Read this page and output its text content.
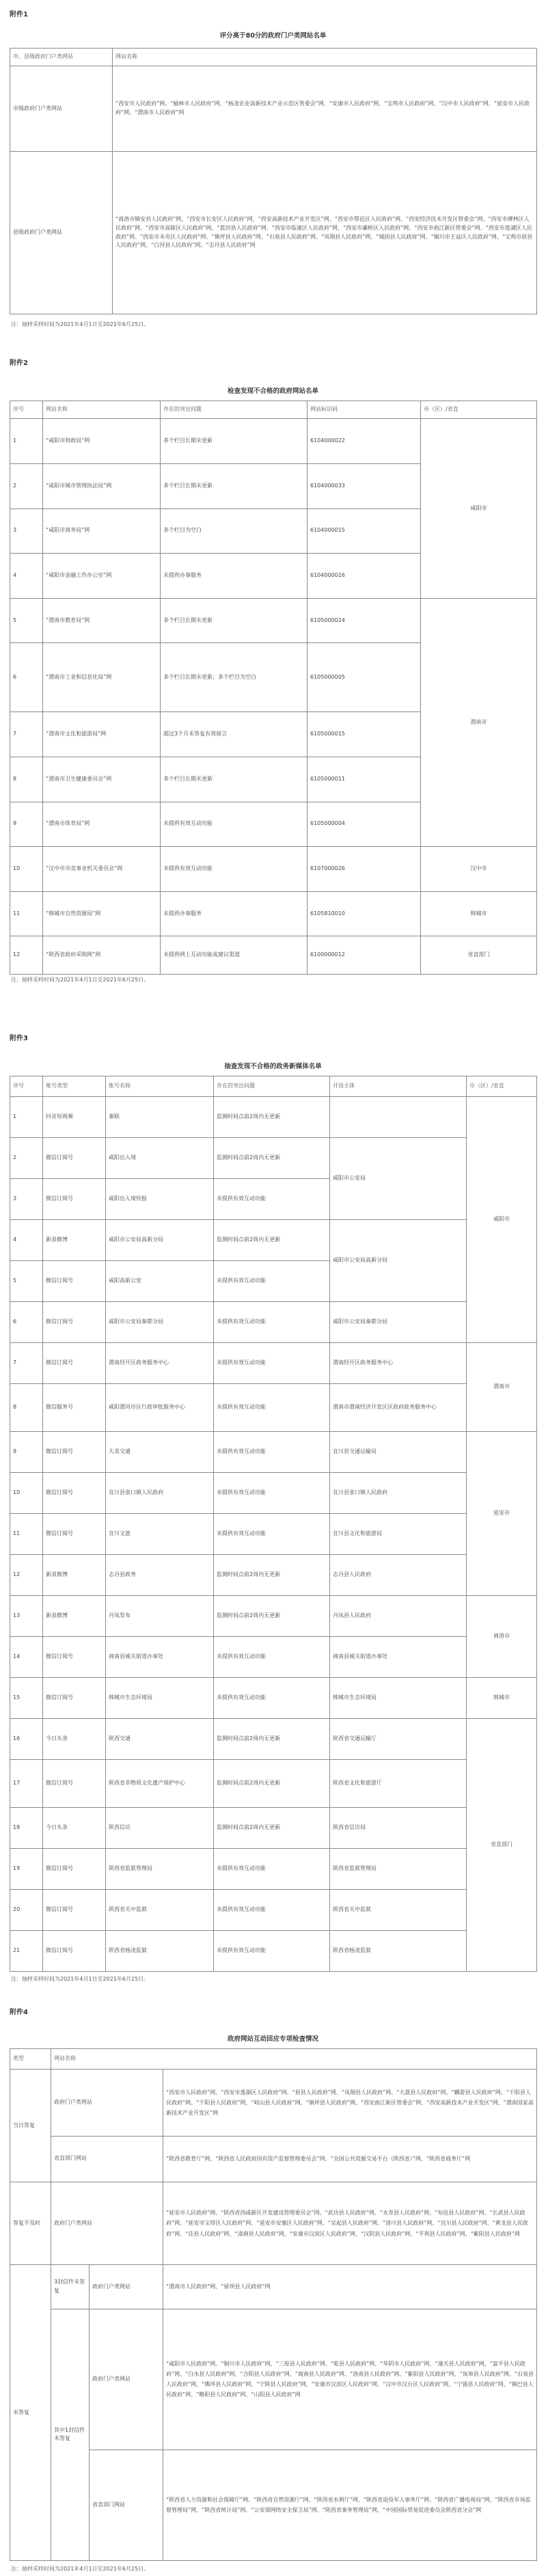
附件1
评分高于80分的政府门户类网站名单
市、县级政府门户类网站	网站名称
市级政府门户类网站	“西安市人民政府”网、“榆林市人民政府”网、“杨凌农业高新技术产业示范区管委会”网、“安康市人民政府”网、“宝鸡市人民政府”网、“汉中市人民政府”网、“延安市人民政府”网、“渭南市人民政府”网
县级政府门户类网站	“商洛市镇安县人民政府”网、“西安市长安区人民政府”网、“西安高新技术产业开发区”网、“西安市鄠邑区人民政府”网、“西安经济技术开发区管委会”网、“西安市碑林区人民政府”网、“西安市高陵区人民政府”网、“蓝田县人民政府”网、“西安市临潼区人民政府”网、“西安市灞桥区人民政府”网、“西安市曲江新区管委会”网、“西安市莲湖区人民政府”网、“西安市未央区人民政府”网、“镇坪县人民政府”网、“石泉县人民政府”网、“凤翔县人民政府”网、“城固县人民政府”网、“铜川市王益区人民政府”网、“宝鸡市眉县人民政府”网、“白河县人民政府”网、“志丹县人民政府”网
注：抽样采样时间为2021年4月1日至2021年6月25日。
附件2
检查发现不合格的政府网站名单
序号	网站名称	存在的突出问题	网站标识码	市（区）/省直
1	“咸阳市财政局”网	多个栏目长期未更新	6104000022	咸阳市
2	“咸阳市城市管理执法局”网	多个栏目长期未更新	6104000033	
3	“咸阳市商务局”网	多个栏目为空白	6104000015	
4	“咸阳市金融工作办公室”网	未提供办事服务	6104000016	
5	“渭南市教育局”网	多个栏目长期未更新	6105000024	渭南市
6	“渭南市工业和信息化局”网	多个栏目长期未更新；多个栏目为空白	6105000005	
7	“渭南市文化和旅游局”网	超过3个月未答复有效留言	6105000015	
8	“渭南市卫生健康委员会”网	多个栏目长期未更新	6105000011	
9	“渭南市体育局”网	未提供有效互动功能	6105000004	
10	“汉中市市直事业机关委员会”网	未提供有效互动功能	6107000026	汉中市
11	“韩城市自然资源局”网	未提供办事服务	6105810010	韩城市
12	“陕西省政府采购网”网	未提供网上互动功能或建议渠道	6100000012	省直部门
注：抽样采样时间为2021年4月1日至2021年6月25日。
附件3
抽查发现不合格的政务新媒体名单
序号	账号类型	账号名称	存在的突出问题	开设主体	市（区）/省直
1	抖音短视频	秦联	监测时间点前2周内无更新		咸阳市
2	微信订阅号	咸阳出入境	监测时间点前2周内无更新	咸阳市公安局	
3	微信订阅号	咸阳出入境快报	未提供有效互动功能		
4	新浪微博	咸阳市公安局高新分局	监测时间点前2周内无更新	咸阳市公安局高新分局	
5	微信订阅号	咸阳高新公安	未提供有效互动功能		
6	微信订阅号	咸阳市公安局秦都分局	未提供有效互动功能	咸阳市公安局秦都分局	
7	微信订阅号	渭南经开区政务服务中心	未提供有效互动功能	渭南经开区政务服务中心	渭南市
8	微信服务号	咸阳渭河市区行政审批服务中心	未提供有效互动功能	渭南市渭南经济开发区区政府政务服务中心	
9	微信订阅号	大美交通	未提供有效互动功能	宜川县交通运输局	延安市
10	微信订阅号	宜川县壶口镇人民政府	未提供有效互动功能	宜川县壶口镇人民政府	
11	微信订阅号	宜川文旅	未提供有效互动功能	宜川县文化和旅游局	
12	新浪微博	志丹县政务	监测时间点前2周内无更新	志丹县人民政府	
13	新浪微博	丹凤发布	监测时间点前2周内无更新	丹凤县人民政府	商洛市
14	微信订阅号	商南县城关街道办事处	未提供有效互动功能	商南县城关街道办事处	
15	微信订阅号	韩城市生态环境局	未提供有效互动功能	韩城市生态环境局	韩城市
16	今日头条	陕西交通	监测时间点前2周内无更新	陕西省交通运输厅	省直部门
17	微信订阅号	陕西省非物质文化遗产保护中心	监测时间点前2周内无更新	陕西省文化和旅游厅	
18	今日头条	陕西信访	监测时间点前2周内无更新	陕西省信访局	
19	微信订阅号	陕西省监狱管理局	未提供有效互动功能	陕西省监狱管理局	
20	微信订阅号	陕西省关中监狱	未提供有效互动功能	陕西省关中监狱	
21	微信订阅号	陕西省杨凌监狱	未提供有效互动功能	陕西省杨凌监狱	
注：抽样采样时间为2021年4月1日至2021年6月25日。
附件4
政府网站互动回应专项检查情况
类型	网站名称		
当日答复	政府门户类网站		“西安市人民政府”网、“西安市莲湖区人民政府”网、“眉县人民政府”网、“凤翔县人民政府”网、“大荔县人民政府”网、“麟游县人民政府”网、“千阳县人民政府”网、“千阳县人民政府”网、“岐山县人民政府”网、“镇坪县人民政府”网、“西安曲江新区管委会”网、“西安高新技术产业开发区”网、“渭南国家高新技术产业开发区”网
	省直部门网站		“陕西省教育厅”网、“陕西省人民政府国有资产监督管理委员会”网、“全国公共资源交易平台（陕西省）”网、“陕西省商务厅”网
答复不及时	政府门户类网站		“延安市人民政府”网、“陕西省西咸新区开发建设管理委员会”网、“武功县人民政府”网、“永寿县人民政府”网、“旬邑县人民政府”网、“长武县人民政府”网、“延安市宝塔区人民政府”网、“延安市安塞区人民政府”网、“吴起县人民政府”网、“洛川县人民政府”网、“宜川县人民政府”网、“黄龙县人民政府”网、“佳县人民政府”网、“清涧县人民政府”网、“安康市汉滨区人民政府”网、“汉阴县人民政府”网、“平利县人民政府”网、“紫阳县人民政府”网
未答复	3封信件未答复	政府门户类网站	“渭南市人民政府”网、“留坝县人民政府”网
	其中1封信件未答复	政府门户类网站	“咸阳市人民政府”网、“铜川市人民政府”网、“三原县人民政府”网、“乾县人民政府”网、“华阴市人民政府”网、“潼关县人民政府”网、“富平县人民政府”网、“白水县人民政府”网、“合阳县人民政府”网、“商南县人民政府”网、“洛南县人民政府”网、“紫阳县人民政府”网、“岚皋县人民政府”网、“石泉县人民政府”网、“佛坪县人民政府”网、“宁陕县人民政府”网、“安康市汉滨区人民政府”网、“汉中市汉台区人民政府”网、“宁强县人民政府”网、“镇巴县人民政府”网、“略阳县人民政府”网、“山阳县人民政府”网
		省直部门网站	“陕西省人力资源和社会保障厅”网、“陕西省自然资源厅”网、“陕西省水利厅”网、“陕西省退役军人事务厅”网、“陕西省广播电视局”网、“陕西省市场监督管理局”网、“陕西省统计局”网、“公安部网络安全保卫局”网、“陕西省事务管理局”网、“中国国际贸易促进委员会陕西省分会”网
注：抽样采样时间为2021年4月1日至2021年6月25日。
